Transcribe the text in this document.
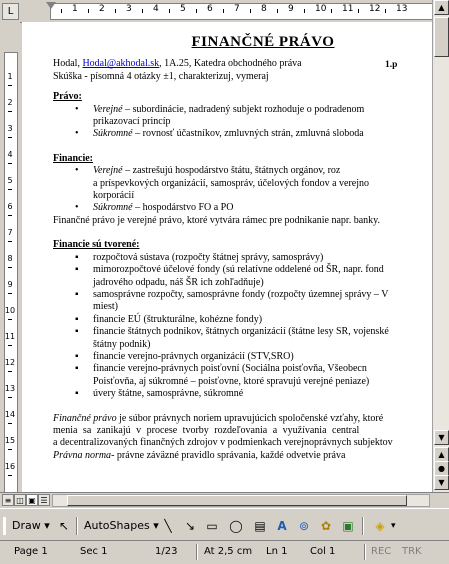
L	1 2 3 4 5 6 7 8 9 10 11 12 13
1
2
3
4
5
6
7
8
9
10
11
12
13
14
15
16
▲
▼
▲
●
▼
1.p
FINANČNÉ PRÁVO
Hodal, Hodal@akhodal.sk, 1A.25, Katedra obchodného práva
Skúška - písomná 4 otázky ±1, charakterizuj, vymeraj
Právo:
• Verejné – subordinácie, nadradený subjekt rozhoduje o podradenom
prikazovací princíp
• Súkromné – rovnosť účastníkov, zmluvných strán, zmluvná sloboda
Financie:
• Verejné – zastrešujú hospodárstvo štátu, štátnych orgánov, roz
a príspevkových organizácií, samospráv, účelových fondov a verejno
korporácií
• Súkromné – hospodárstvo FO a PO
Finančné právo je verejné právo, ktoré vytvára rámec pre podnikanie napr. banky.
Financie sú tvorené:
▪ rozpočtová sústava (rozpočty štátnej správy, samosprávy)
▪ mimorozpočtové účelové fondy (sú relatívne oddelené od ŠR, napr. fond
jadrového odpadu, náš ŠR ich zohľadňuje)
▪ samosprávne rozpočty, samosprávne fondy (rozpočty územnej správy – V
miest)
▪ financie EÚ (štrukturálne, kohézne fondy)
▪ financie štátnych podnikov, štátnych organizácií (štátne lesy SR, vojenské
štátny podnik)
▪ financie verejno-právnych organizácií (STV,SRO)
▪ financie verejno-právnych poisťovní (Sociálna poisťovňa, Všeobecn
Poisťovňa, aj súkromné – poisťovne, ktoré spravujú verejné peniaze)
▪ úvery štátne, samosprávne, súkromné
Finančné právo je súbor právnych noriem upravujúcich spoločenské vzťahy, ktoré
menia sa zanikajú v procese tvorby rozdeľovania a využívania central
a decentralizovaných finančných zdrojov v podmienkach verejnoprávnych subjektov
Právna norma- právne záväzné pravidlo správania, každé odvetvie práva
≡ ◫ ▣ ☰
Draw ▾ ↖ AutoShapes ▾ ╲	↘ ▭ ◯ ▤ A ⊚ ✿ ▣ ◈ ▾
Page 1	Sec 1	1/23	At 2,5 cm Ln 1 Col 1	REC TRK
